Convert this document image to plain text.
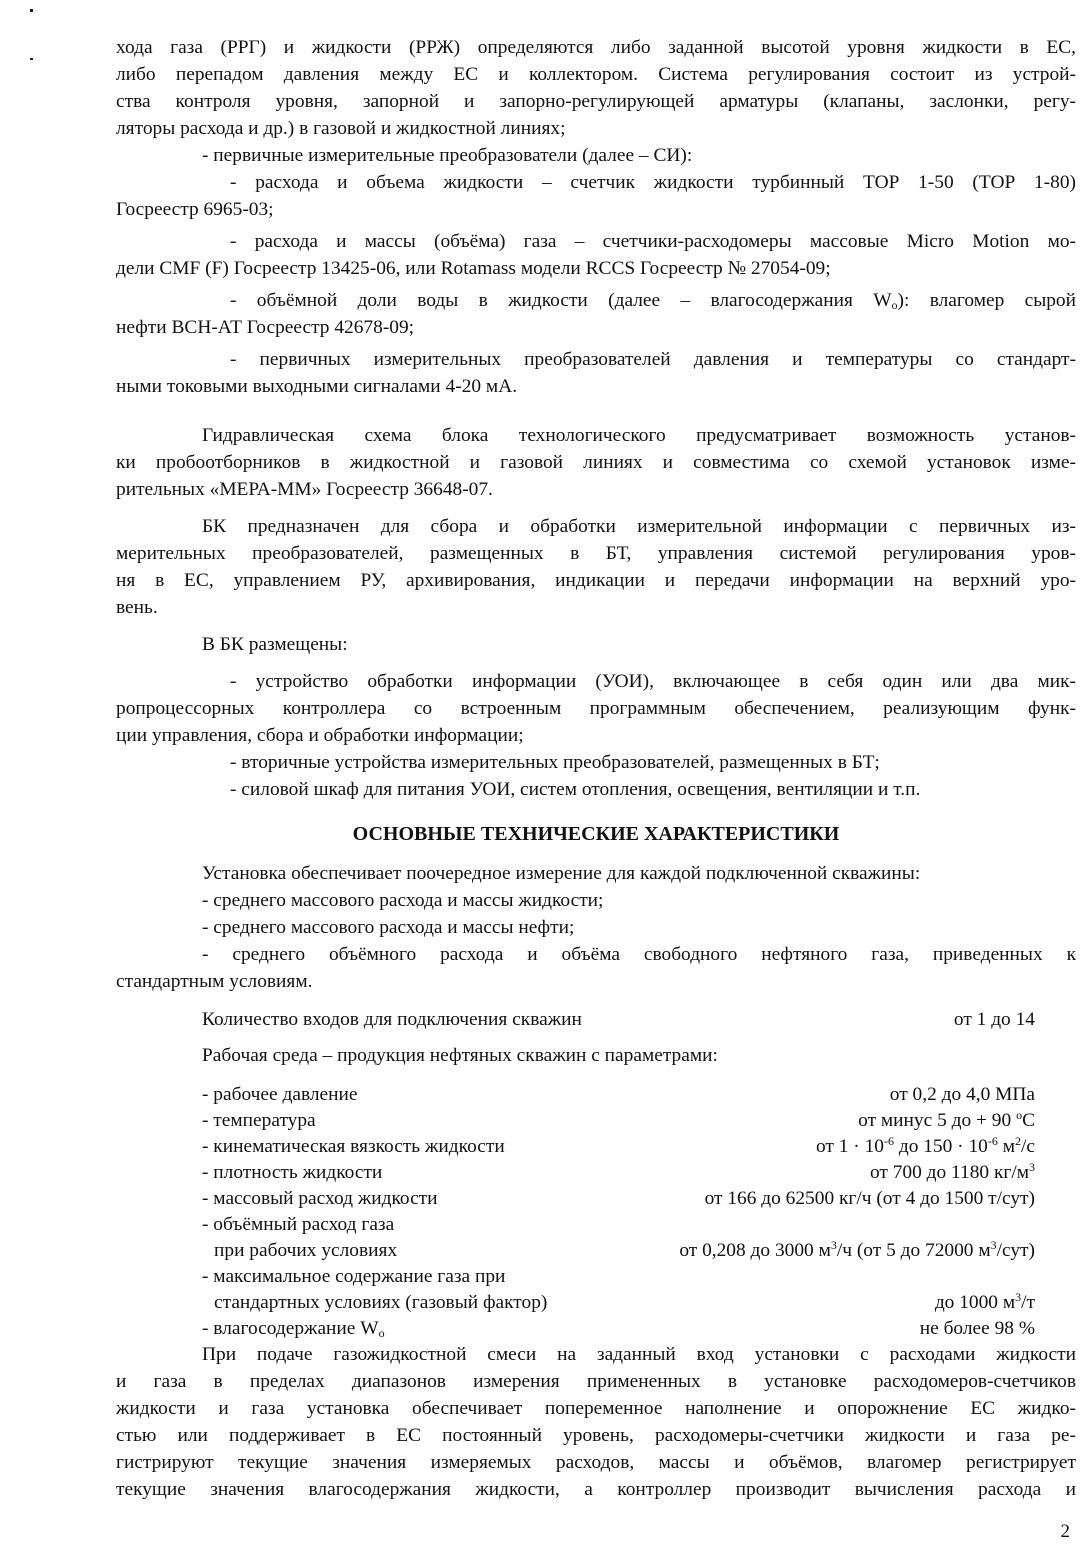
хода газа (РРГ) и жидкости (РРЖ) определяются либо заданной высотой уровня жидкости в ЕС,
либо перепадом давления между ЕС и коллектором. Система регулирования состоит из устрой-
ства контроля уровня, запорной и запорно-регулирующей арматуры (клапаны, заслонки, регу-
ляторы расхода и др.) в газовой и жидкостной линиях;
- первичные измерительные преобразователи (далее – СИ):
- расхода и объема жидкости – счетчик жидкости турбинный ТОР 1-50 (ТОР 1-80)
Госреестр 6965-03;
- расхода и массы (объёма) газа – счетчики-расходомеры массовые Micro Motion мо-
дели CMF (F) Госреестр 13425-06, или Rotamass модели RCCS Госреестр № 27054-09;
- объёмной доли воды в жидкости (далее – влагосодержания $W_o$): влагомер сырой
нефти ВСН-АТ Госреестр 42678-09;
- первичных измерительных преобразователей давления и температуры со стандарт-
ными токовыми выходными сигналами 4-20 мА.
Гидравлическая схема блока технологического предусматривает возможность установ-
ки пробоотборников в жидкостной и газовой линиях и совместима со схемой установок изме-
рительных «МЕРА-ММ» Госреестр 36648-07.
БК предназначен для сбора и обработки измерительной информации с первичных из-
мерительных преобразователей, размещенных в БТ, управления системой регулирования уров-
ня в ЕС, управлением РУ, архивирования, индикации и передачи информации на верхний уро-
вень.
В БК размещены:
- устройство обработки информации (УОИ), включающее в себя один или два мик-
ропроцессорных контроллера со встроенным программным обеспечением, реализующим функ-
ции управления, сбора и обработки информации;
- вторичные устройства измерительных преобразователей, размещенных в БТ;
- силовой шкаф для питания УОИ, систем отопления, освещения, вентиляции и т.п.
ОСНОВНЫЕ ТЕХНИЧЕСКИЕ ХАРАКТЕРИСТИКИ
Установка обеспечивает поочередное измерение для каждой подключенной скважины:
- среднего массового расхода и массы жидкости;
- среднего массового расхода и массы нефти;
- среднего объёмного расхода и объёма свободного нефтяного газа, приведенных к
стандартным условиям.
Количество входов для подключения скважин	от 1 до 14
Рабочая среда – продукция нефтяных скважин с параметрами:
- рабочее давление	от 0,2 до 4,0 МПа
- температура	от минус 5 до + 90 $^o$С
- кинематическая вязкость жидкости	от $1 \cdot 10^{-6}$ до $150 \cdot 10^{-6}$ $м^2/с$
- плотность жидкости	от 700 до 1180 $кг/м^3$
- массовый расход жидкости	от 166 до 62500 кг/ч (от 4 до 1500 т/сут)
- объёмный расход газа
при рабочих условиях	от 0,208 до 3000 $м^3/ч$ (от 5 до 72000 $м^3/сут$)
- максимальное содержание газа при
стандартных условиях (газовый фактор)	до 1000 $м^3/т$
- влагосодержание $W_o$	не более 98 %
При подаче газожидкостной смеси на заданный вход установки с расходами жидкости
и газа в пределах диапазонов измерения примененных в установке расходомеров-счетчиков
жидкости и газа установка обеспечивает попеременное наполнение и опорожнение ЕС жидко-
стью или поддерживает в ЕС постоянный уровень, расходомеры-счетчики жидкости и газа ре-
гистрируют текущие значения измеряемых расходов, массы и объёмов, влагомер регистрирует
текущие значения влагосодержания жидкости, а контроллер производит вычисления расхода и
2
